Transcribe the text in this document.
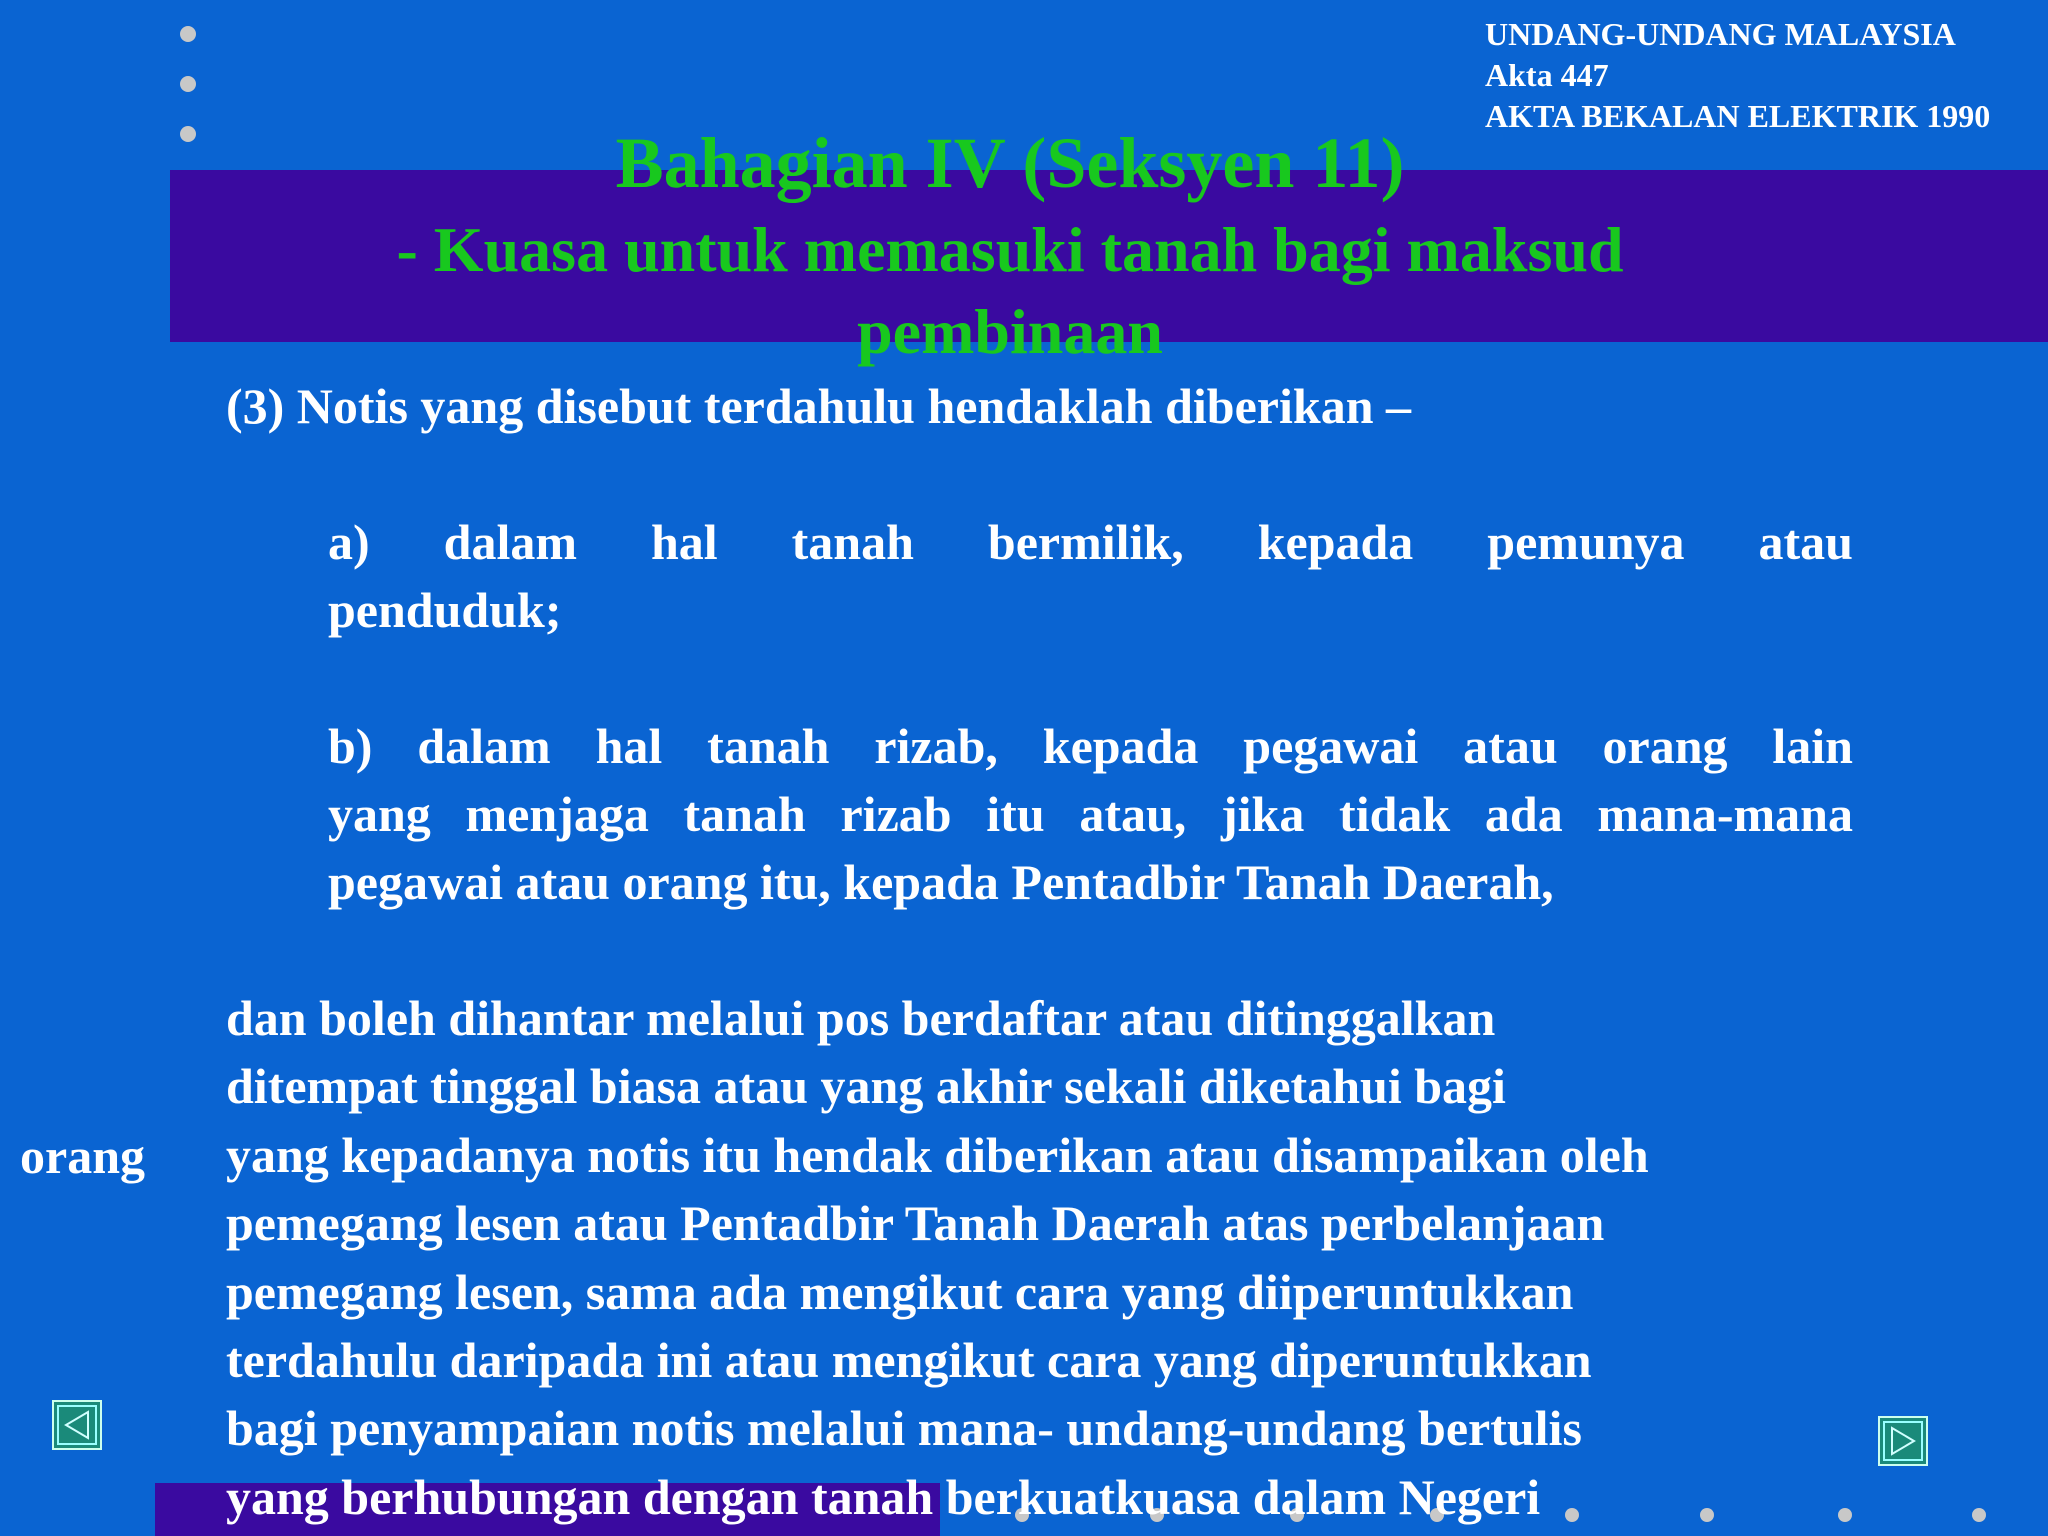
UNDANG-UNDANG MALAYSIA
Akta 447
AKTA BEKALAN ELEKTRIK 1990
Bahagian IV (Seksyen 11)
- Kuasa untuk memasuki tanah bagi maksud
pembinaan
(3) Notis yang disebut terdahulu hendaklah diberikan –
a) dalam hal tanah bermilik, kepada pemunya atau
penduduk;
b) dalam hal tanah rizab, kepada pegawai atau orang lain
yang menjaga tanah rizab itu atau, jika tidak ada mana-mana
pegawai atau orang itu, kepada Pentadbir Tanah Daerah,
orang
dan boleh dihantar melalui pos berdaftar atau ditinggalkan
ditempat tinggal biasa atau yang akhir sekali diketahui bagi
yang kepadanya notis itu hendak diberikan atau disampaikan oleh
pemegang lesen atau Pentadbir Tanah Daerah atas perbelanjaan
pemegang lesen, sama ada mengikut cara yang diiperuntukkan
terdahulu daripada ini atau mengikut cara yang diperuntukkan
bagi penyampaian notis melalui mana- undang-undang bertulis
yang berhubungan dengan tanah berkuatkuasa dalam Negeri
